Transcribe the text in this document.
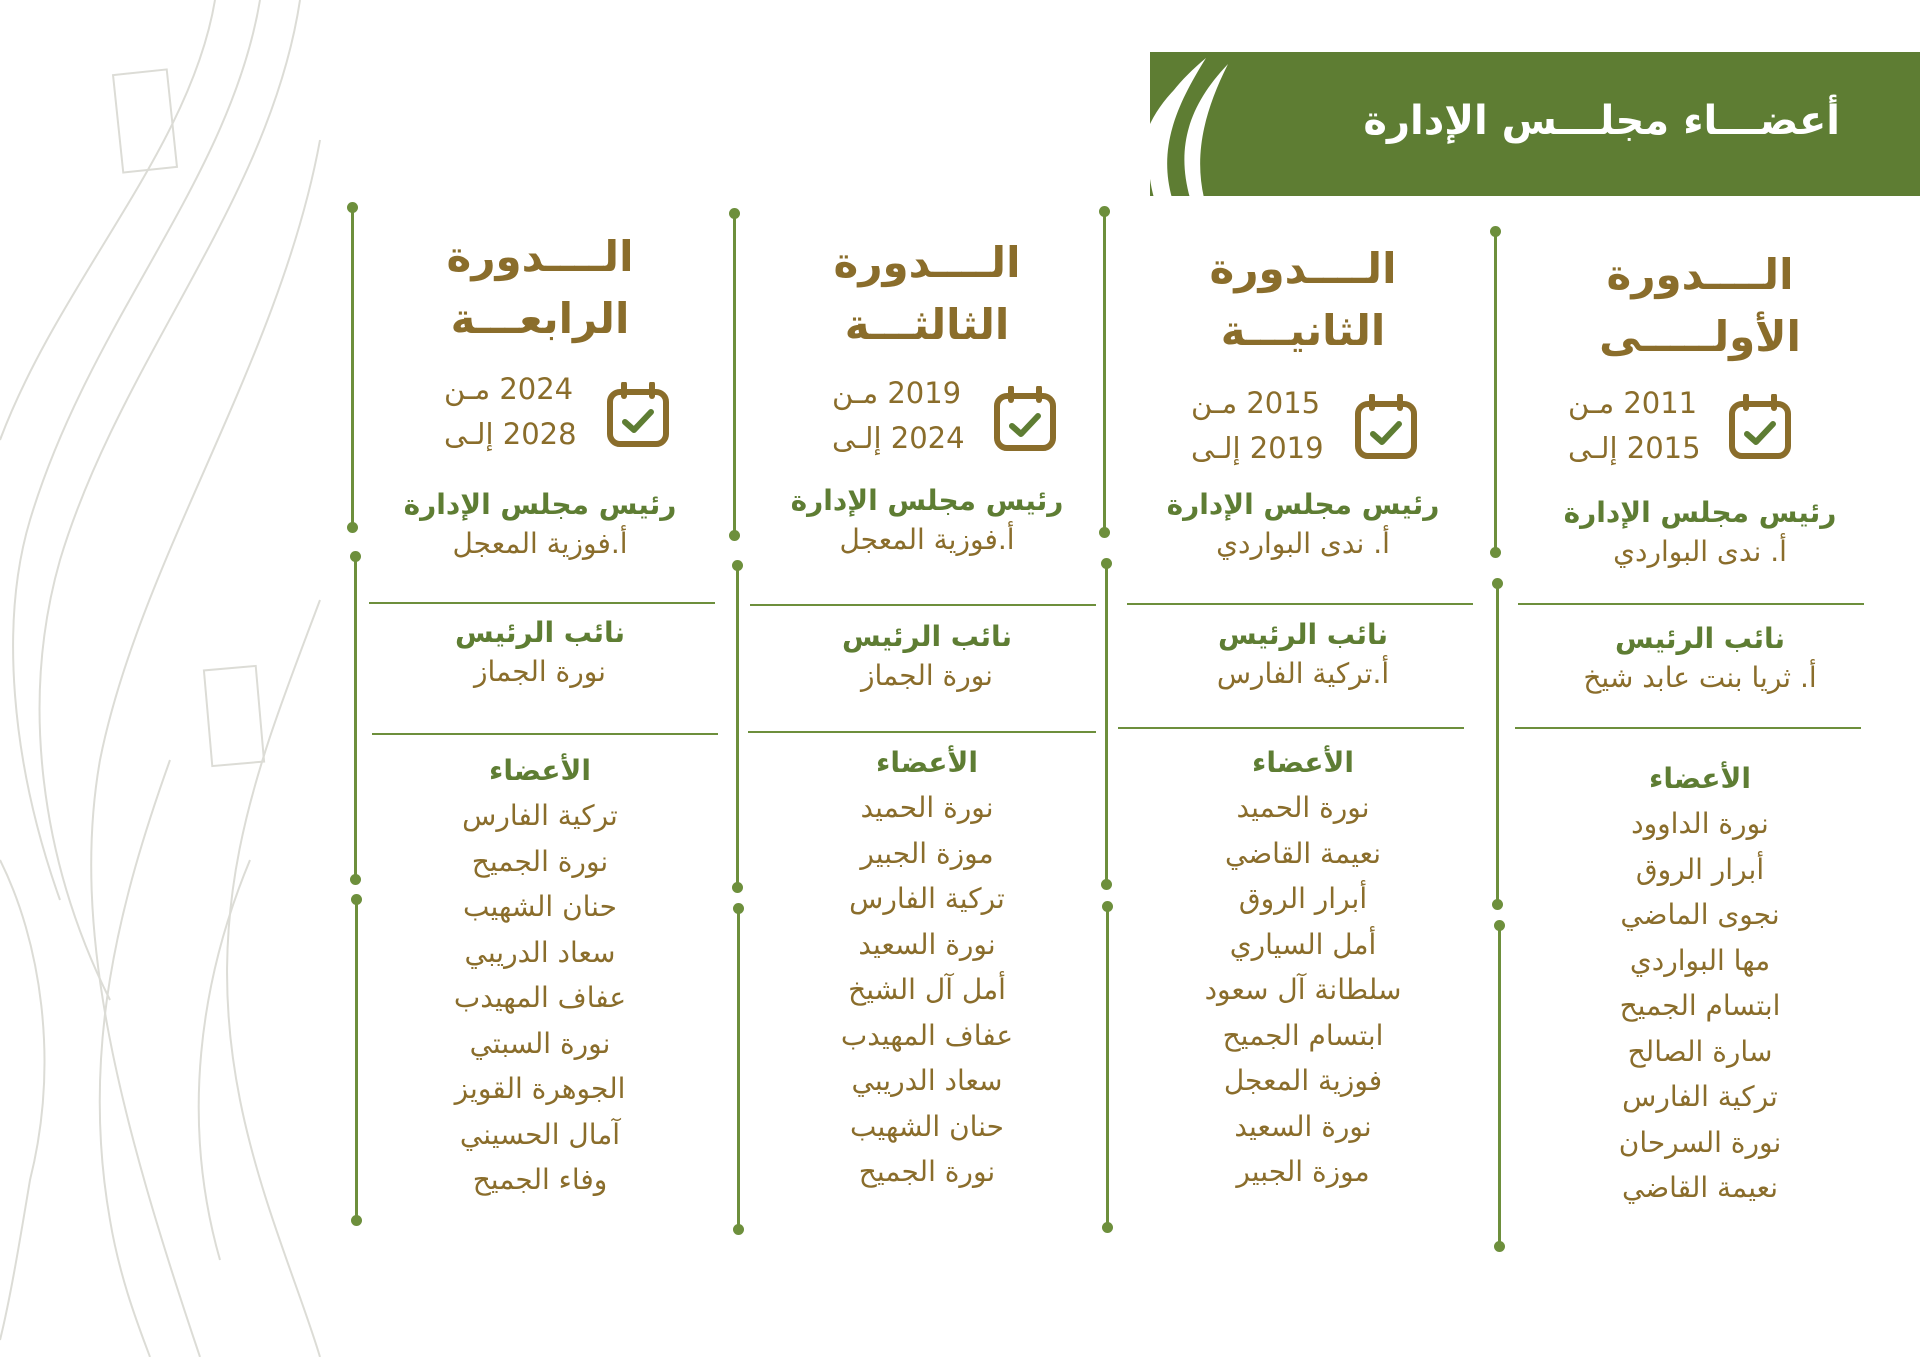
أعضـــاء مجلـــس الإدارة
الــــدورة
الأولـــــى
2011 مـن
2015 إلـى
رئيس مجلس الإدارة
أ. ندى البواردي
نائب الرئيس
أ. ثريا بنت عابد شيخ
الأعضاء
نورة الداوود
أبرار الروق
نجوى الماضي
مها البواردي
ابتسام الجميح
سارة الصالح
تركية الفارس
نورة السرحان
نعيمة القاضي
الــــدورة
الثانيـــة
2015 مـن
2019 إلـى
رئيس مجلس الإدارة
أ. ندى البواردي
نائب الرئيس
أ.تركية الفارس
الأعضاء
نورة الحميد
نعيمة القاضي
أبرار الروق
أمل السياري
سلطانة آل سعود
ابتسام الجميح
فوزية المعجل
نورة السعيد
موزة الجبير
الــــدورة
الثالثـــة
2019 مـن
2024 إلـى
رئيس مجلس الإدارة
أ.فوزية المعجل
نائب الرئيس
نورة الجماز
الأعضاء
نورة الحميد
موزة الجبير
تركية الفارس
نورة السعيد
أمل آل الشيخ
عفاف المهيدب
سعاد الدريبي
حنان الشهيب
نورة الجميح
الــــدورة
الرابعـــة
2024 مـن
2028 إلـى
رئيس مجلس الإدارة
أ.فوزية المعجل
نائب الرئيس
نورة الجماز
الأعضاء
تركية الفارس
نورة الجميح
حنان الشهيب
سعاد الدريبي
عفاف المهيدب
نورة السبتي
الجوهرة القويز
آمال الحسيني
وفاء الجميح
